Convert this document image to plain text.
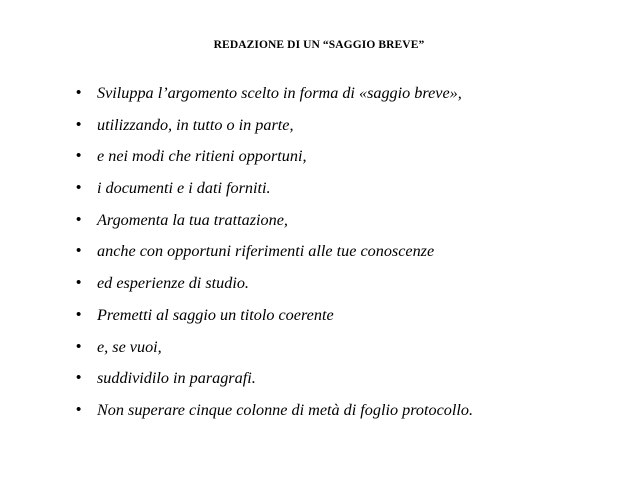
REDAZIONE DI UN “SAGGIO BREVE”
• Sviluppa l’argomento scelto in forma di «saggio breve»,
• utilizzando, in tutto o in parte,
• e nei modi che ritieni opportuni,
• i documenti e i dati forniti.
• Argomenta la tua trattazione,
• anche con opportuni riferimenti alle tue conoscenze
• ed esperienze di studio.
• Premetti al saggio un titolo coerente
• e, se vuoi,
• suddividilo in paragrafi.
• Non superare cinque colonne di metà di foglio protocollo.
